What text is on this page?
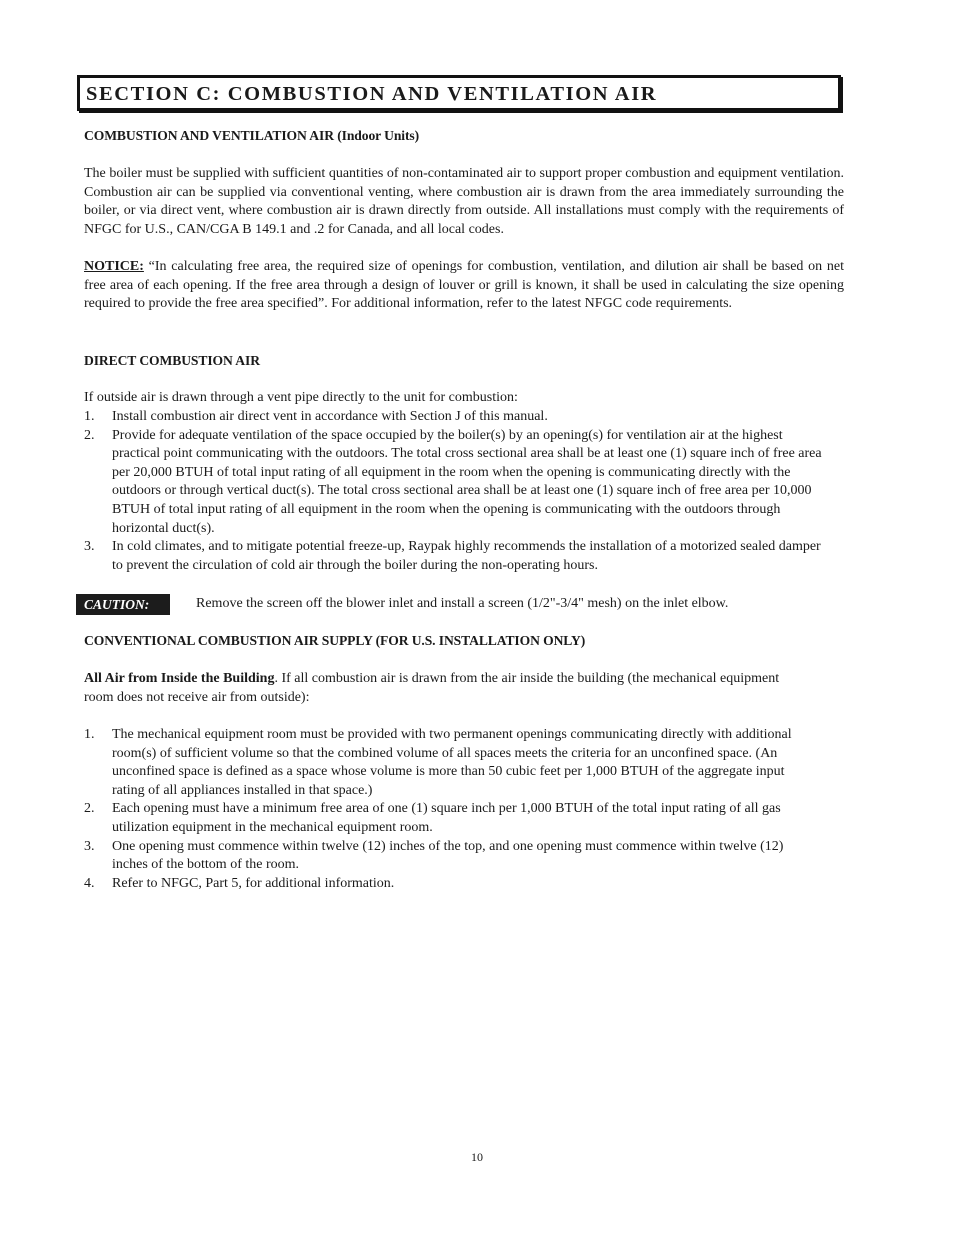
SECTION C: COMBUSTION AND VENTILATION AIR

COMBUSTION AND VENTILATION AIR (Indoor Units)

The boiler must be supplied with sufficient quantities of non-contaminated air to support proper combustion and equipment ventilation. Combustion air can be supplied via conventional venting, where combustion air is drawn from the area immediately surrounding the boiler, or via direct vent, where combustion air is drawn directly from outside. All installations must comply with the requirements of NFGC for U.S., CAN/CGA B 149.1 and .2 for Canada, and all local codes.

NOTICE: “In calculating free area, the required size of openings for combustion, ventilation, and dilution air shall be based on net free area of each opening. If the free area through a design of louver or grill is known, it shall be used in calculating the size opening required to provide the free area specified”. For additional information, refer to the latest NFGC code requirements.

DIRECT COMBUSTION AIR

If outside air is drawn through a vent pipe directly to the unit for combustion:

1. Install combustion air direct vent in accordance with Section J of this manual.
2. Provide for adequate ventilation of the space occupied by the boiler(s) by an opening(s) for ventilation air at the highest practical point communicating with the outdoors. The total cross sectional area shall be at least one (1) square inch of free area per 20,000 BTUH of total input rating of all equipment in the room when the opening is communicating directly with the outdoors or through vertical duct(s). The total cross sectional area shall be at least one (1) square inch of free area per 10,000 BTUH of total input rating of all equipment in the room when the opening is communicating with the outdoors through horizontal duct(s).
3. In cold climates, and to mitigate potential freeze-up, Raypak highly recommends the installation of a motorized sealed damper to prevent the circulation of cold air through the boiler during the non-operating hours.

CONVENTIONAL COMBUSTION AIR SUPPLY (FOR U.S. INSTALLATION ONLY)

All Air from Inside the Building. If all combustion air is drawn from the air inside the building (the mechanical equipment room does not receive air from outside):

1. The mechanical equipment room must be provided with two permanent openings communicating directly with additional room(s) of sufficient volume so that the combined volume of all spaces meets the criteria for an unconfined space. (An unconfined space is defined as a space whose volume is more than 50 cubic feet per 1,000 BTUH of the aggregate input rating of all appliances installed in that space.)
2. Each opening must have a minimum free area of one (1) square inch per 1,000 BTUH of the total input rating of all gas utilization equipment in the mechanical equipment room.
3. One opening must commence within twelve (12) inches of the top, and one opening must commence within twelve (12) inches of the bottom of the room.
4. Refer to NFGC, Part 5, for additional information.
CAUTION:	Remove the screen off the blower inlet and install a screen (1/2"-3/4" mesh) on the inlet elbow.
10
